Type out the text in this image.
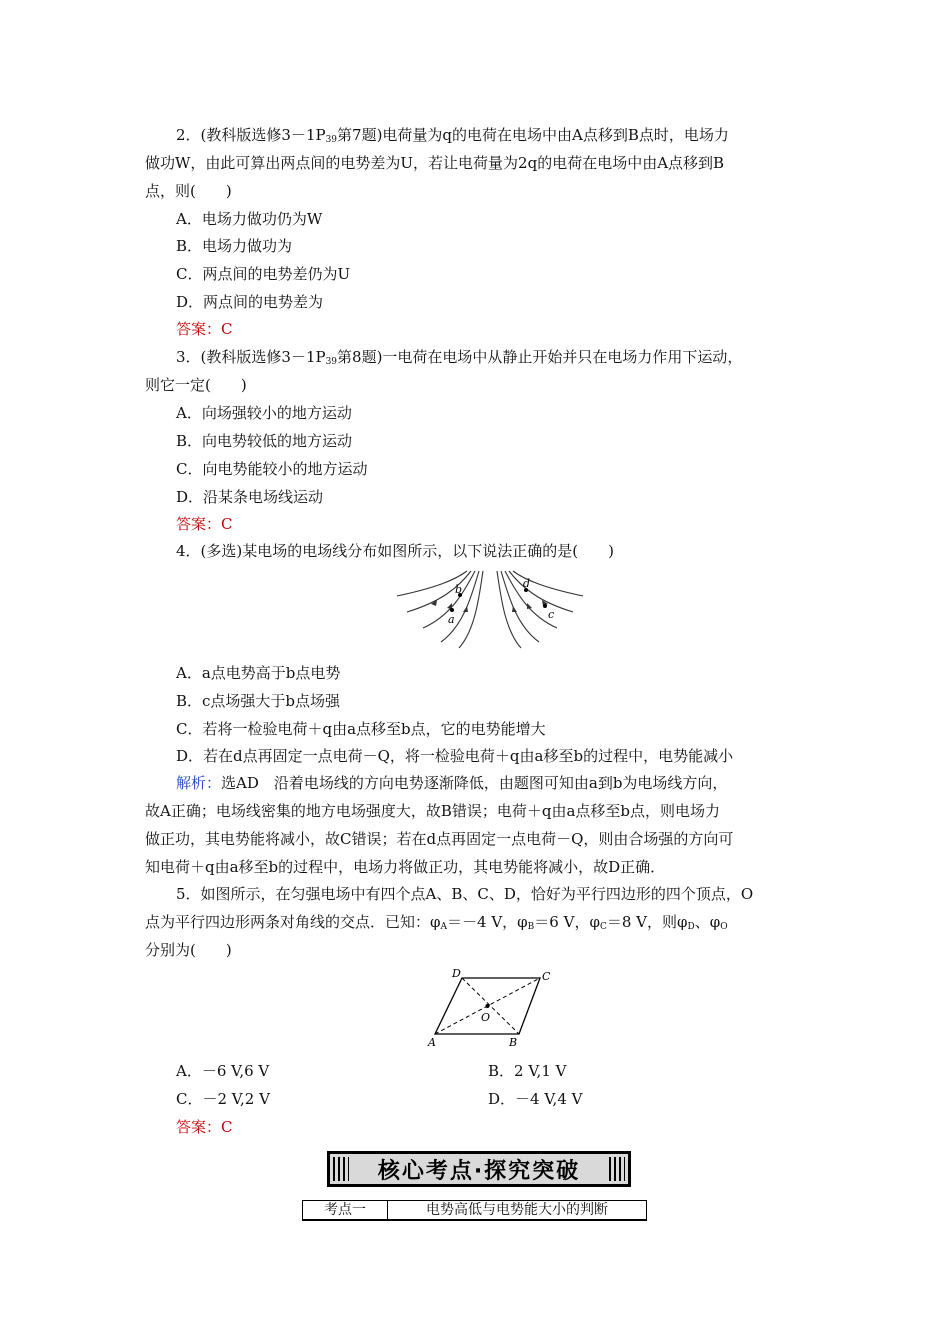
2．(教科版选修$3-1P_{39}$第7题)电荷量为q的电荷在电场中由A点移到B点时，电场力
做功W，由此可算出两点间的电势差为U，若让电荷量为2q的电荷在电场中由A点移到B
点，则(　　)
A．电场力做功仍为W
B．电场力做功为
C．两点间的电势差仍为U
D．两点间的电势差为
答案：C
3．(教科版选修$3-1P_{39}$第8题)一电荷在电场中从静止开始并只在电场力作用下运动，
则它一定(　　)
A．向场强较小的地方运动
B．向电势较低的地方运动
C．向电势能较小的地方运动
D．沿某条电场线运动
答案：C
4．(多选)某电场的电场线分布如图所示，以下说法正确的是(　　)
a
b
c
d
A．a点电势高于b点电势
B．c点场强大于b点场强
C．若将一检验电荷＋q由a点移至b点，它的电势能增大
D．若在d点再固定一点电荷－Q，将一检验电荷＋q由a移至b的过程中，电势能减小
解析：选AD　沿着电场线的方向电势逐渐降低，由题图可知由a到b为电场线方向，
故A正确；电场线密集的地方电场强度大，故B错误；电荷＋q由a点移至b点，则电场力
做正功，其电势能将减小，故C错误；若在d点再固定一点电荷－Q，则由合场强的方向可
知电荷＋q由a移至b的过程中，电场力将做正功，其电势能将减小，故D正确．
5．如图所示，在匀强电场中有四个点A、B、C、D，恰好为平行四边形的四个顶点，O
点为平行四边形两条对角线的交点．已知：$\varphi_A=-4$ V，$\varphi_B=6$ V，$\varphi_C=8$ V，则$\varphi_D$、$\varphi_O$
分别为(　　)
D	C
A	B
O
A．－6 V,6 V	B．2 V,1 V
C．－2 V,2 V	D．－4 V,4 V
答案：C
核心考点·探究突破
考点一	电势高低与电势能大小的判断
